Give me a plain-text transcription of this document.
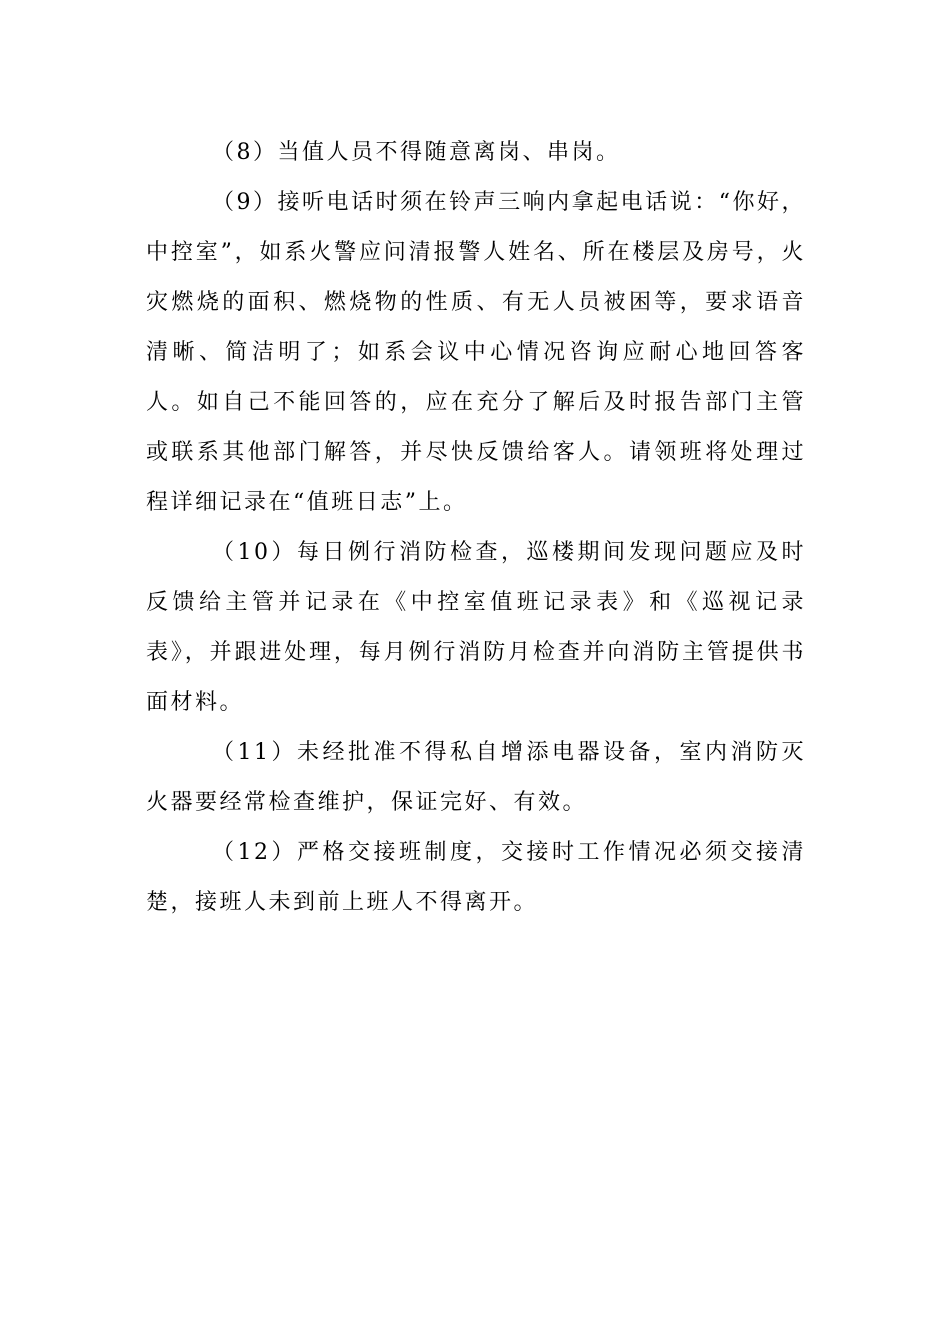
（8）当值人员不得随意离岗、串岗。

（9）接听电话时须在铃声三响内拿起电话说：“你好，中控室”，如系火警应问清报警人姓名、所在楼层及房号，火灾燃烧的面积、燃烧物的性质、有无人员被困等，要求语音清晰、简洁明了；如系会议中心情况咨询应耐心地回答客人。如自己不能回答的，应在充分了解后及时报告部门主管或联系其他部门解答，并尽快反馈给客人。请领班将处理过程详细记录在“值班日志”上。

（10）每日例行消防检查，巡楼期间发现问题应及时反馈给主管并记录在《中控室值班记录表》和《巡视记录表》，并跟进处理，每月例行消防月检查并向消防主管提供书面材料。

（11）未经批准不得私自增添电器设备，室内消防灭火器要经常检查维护，保证完好、有效。

（12）严格交接班制度，交接时工作情况必须交接清楚，接班人未到前上班人不得离开。
